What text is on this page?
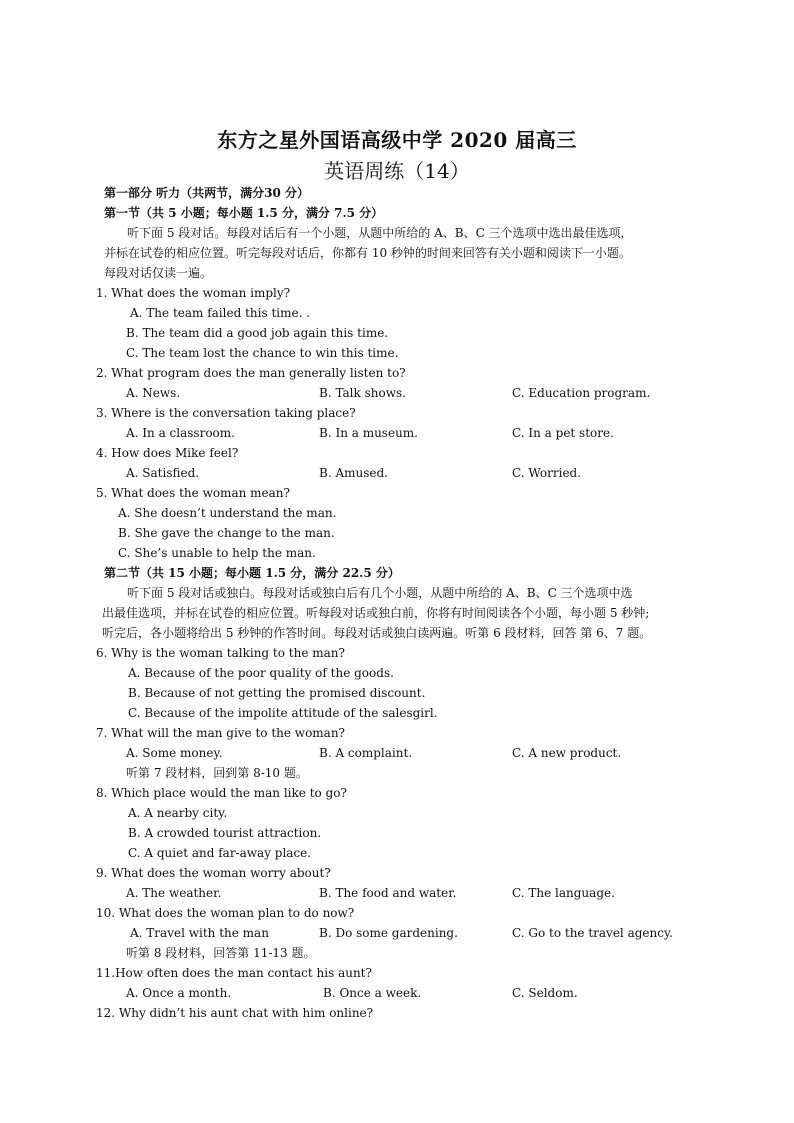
东方之星外国语高级中学 2020 届高三
英语周练（14）
第一部分 听力（共两节，满分30 分）
第一节（共 5 小题；每小题 1.5 分，满分 7.5 分）
听下面 5 段对话。每段对话后有一个小题，从题中所给的 A、B、C 三个选项中选出最佳选项，
并标在试卷的相应位置。听完每段对话后，你都有 10 秒钟的时间来回答有关小题和阅读下一小题。
每段对话仅读一遍。
1. What does the woman imply?
A. The team failed this time. .
B. The team did a good job again this time.
C. The team lost the chance to win this time.
2. What program does the man generally listen to?
A. News.	B. Talk shows.	C. Education program.
3. Where is the conversation taking place?
A. In a classroom.	B. In a museum.	C. In a pet store.
4. How does Mike feel?
A. Satisfied.	B. Amused.	C. Worried.
5. What does the woman mean?
A. She doesn’t understand the man.
B. She gave the change to the man.
C. She’s unable to help the man.
第二节（共 15 小题；每小题 1.5 分，满分 22.5 分）
听下面 5 段对话或独白。每段对话或独白后有几个小题，从题中所给的 A、B、C 三个选项中选
出最佳选项，并标在试卷的相应位置。听每段对话或独白前，你将有时间阅读各个小题，每小题 5 秒钟;
听完后，各小题将给出 5 秒钟的作答时间。每段对话或独白读两遍。听第 6 段材料，回答 第 6、7 题。
6. Why is the woman talking to the man?
A. Because of the poor quality of the goods.
B. Because of not getting the promised discount.
C. Because of the impolite attitude of the salesgirl.
7. What will the man give to the woman?
A. Some money.	B. A complaint.	C. A new product.
听第 7 段材料，回到第 8-10 题。
8. Which place would the man like to go?
A. A nearby city.
B. A crowded tourist attraction.
C. A quiet and far-away place.
9. What does the woman worry about?
A. The weather.	B. The food and water.	C. The language.
10. What does the woman plan to do now?
A. Travel with the man	B. Do some gardening.	C. Go to the travel agency.
听第 8 段材料，回答第 11-13 题。
11.How often does the man contact his aunt?
A. Once a month.	B. Once a week.	C. Seldom.
12. Why didn’t his aunt chat with him online?
